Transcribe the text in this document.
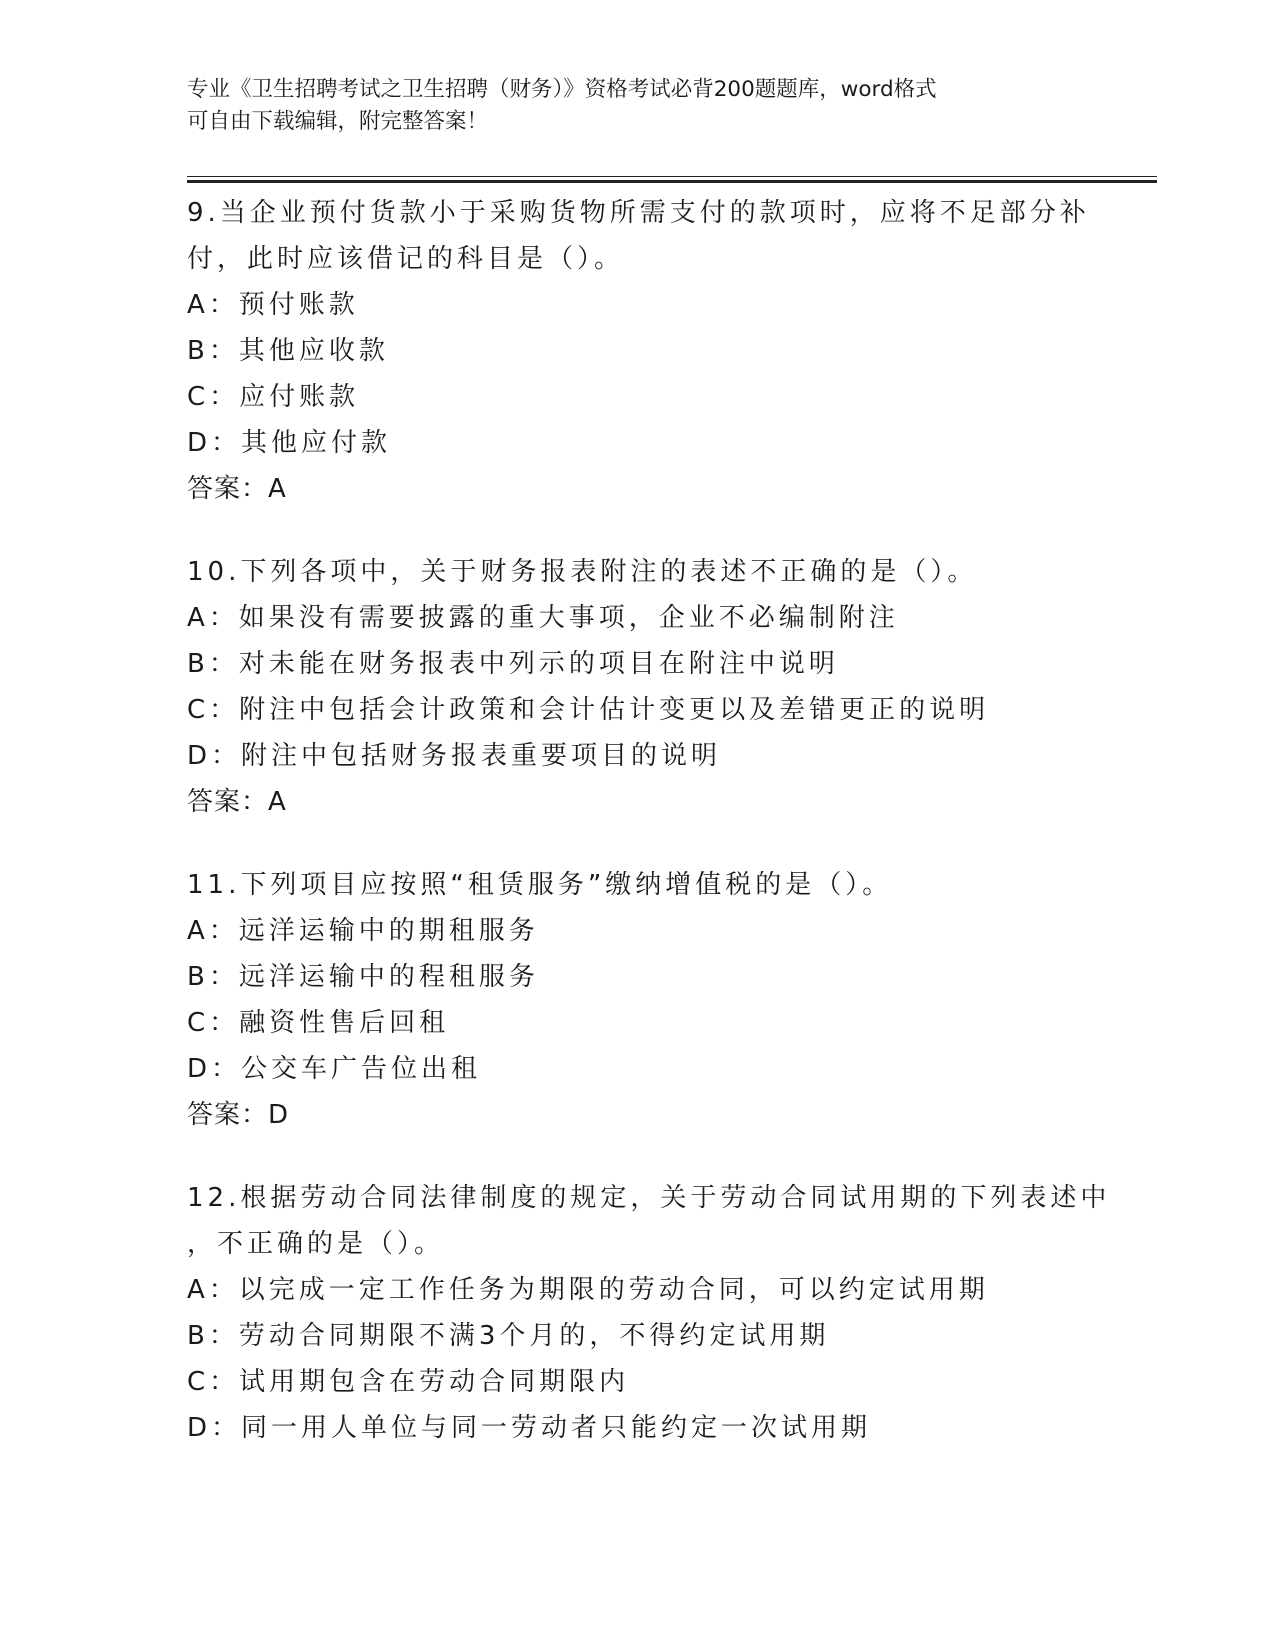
专业《卫生招聘考试之卫生招聘（财务）》资格考试必背200题题库，word格式
可自由下载编辑，附完整答案！
9.当企业预付货款小于采购货物所需支付的款项时，应将不足部分补
付，此时应该借记的科目是（）。
A：预付账款
B：其他应收款
C：应付账款
D：其他应付款
答案：A
10.下列各项中，关于财务报表附注的表述不正确的是（）。
A：如果没有需要披露的重大事项，企业不必编制附注
B：对未能在财务报表中列示的项目在附注中说明
C：附注中包括会计政策和会计估计变更以及差错更正的说明
D：附注中包括财务报表重要项目的说明
答案：A
11.下列项目应按照“租赁服务”缴纳增值税的是（）。
A：远洋运输中的期租服务
B：远洋运输中的程租服务
C：融资性售后回租
D：公交车广告位出租
答案：D
12.根据劳动合同法律制度的规定，关于劳动合同试用期的下列表述中
，不正确的是（）。
A：以完成一定工作任务为期限的劳动合同，可以约定试用期
B：劳动合同期限不满3个月的，不得约定试用期
C：试用期包含在劳动合同期限内
D：同一用人单位与同一劳动者只能约定一次试用期
